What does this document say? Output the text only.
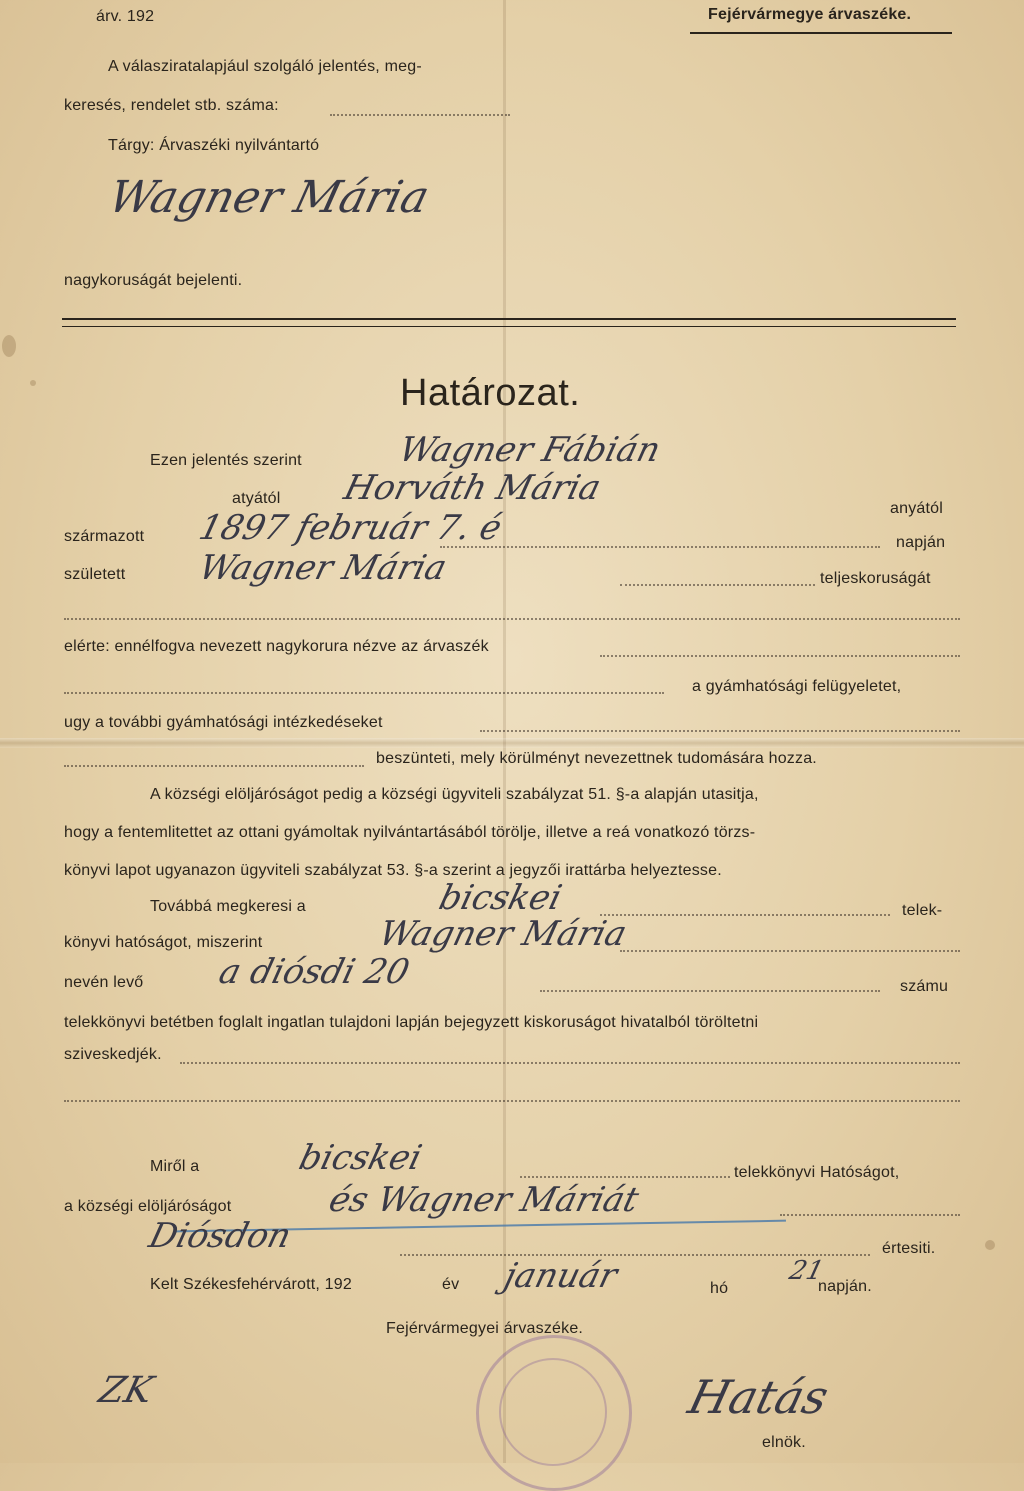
árv. 192	Fejérvármegye árvaszéke.
A válasziratalapjául szolgáló jelentés, meg-
keresés, rendelet stb. száma:
Tárgy: Árvaszéki nyilvántartó
Wagner Mária
nagykoruságát bejelenti.
Határozat.
Ezen jelentés szerint	Wagner Fábián
atyától Horváth Mária
anyától
származott 1897 február 7. é	napján
született Wagner Mária	teljeskoruságát
elérte: ennélfogva nevezett nagykorura nézve az árvaszék
a gyámhatósági felügyeletet,
ugy a további gyámhatósági intézkedéseket
beszünteti, mely körülményt nevezettnek tudomására hozza.
A községi elöljáróságot pedig a községi ügyviteli szabályzat 51. §-a alapján utasitja,
hogy a fentemlitettet az ottani gyámoltak nyilvántartásából törölje, illetve a reá vonatkozó törzs-
könyvi lapot ugyanazon ügyviteli szabályzat 53. §-a szerint a jegyzői irattárba helyeztesse.
Továbbá megkeresi a	bicskei	telek-
könyvi hatóságot, miszerint	Wagner Mária
nevén levő a diósdi 20	számu
telekkönyvi betétben foglalt ingatlan tulajdoni lapján bejegyzett kiskoruságot hivatalból töröltetni
sziveskedjék.
Miről a	bicskei	telekkönyvi Hatóságot,
a községi elöljáróságot	és Wagner Máriát
Diósdon	értesiti.
Kelt Székesfehérvárott, 192	év január	hó
21
napján.
Fejérvármegyei árvaszéke.
ZK	Hatás
elnök.
